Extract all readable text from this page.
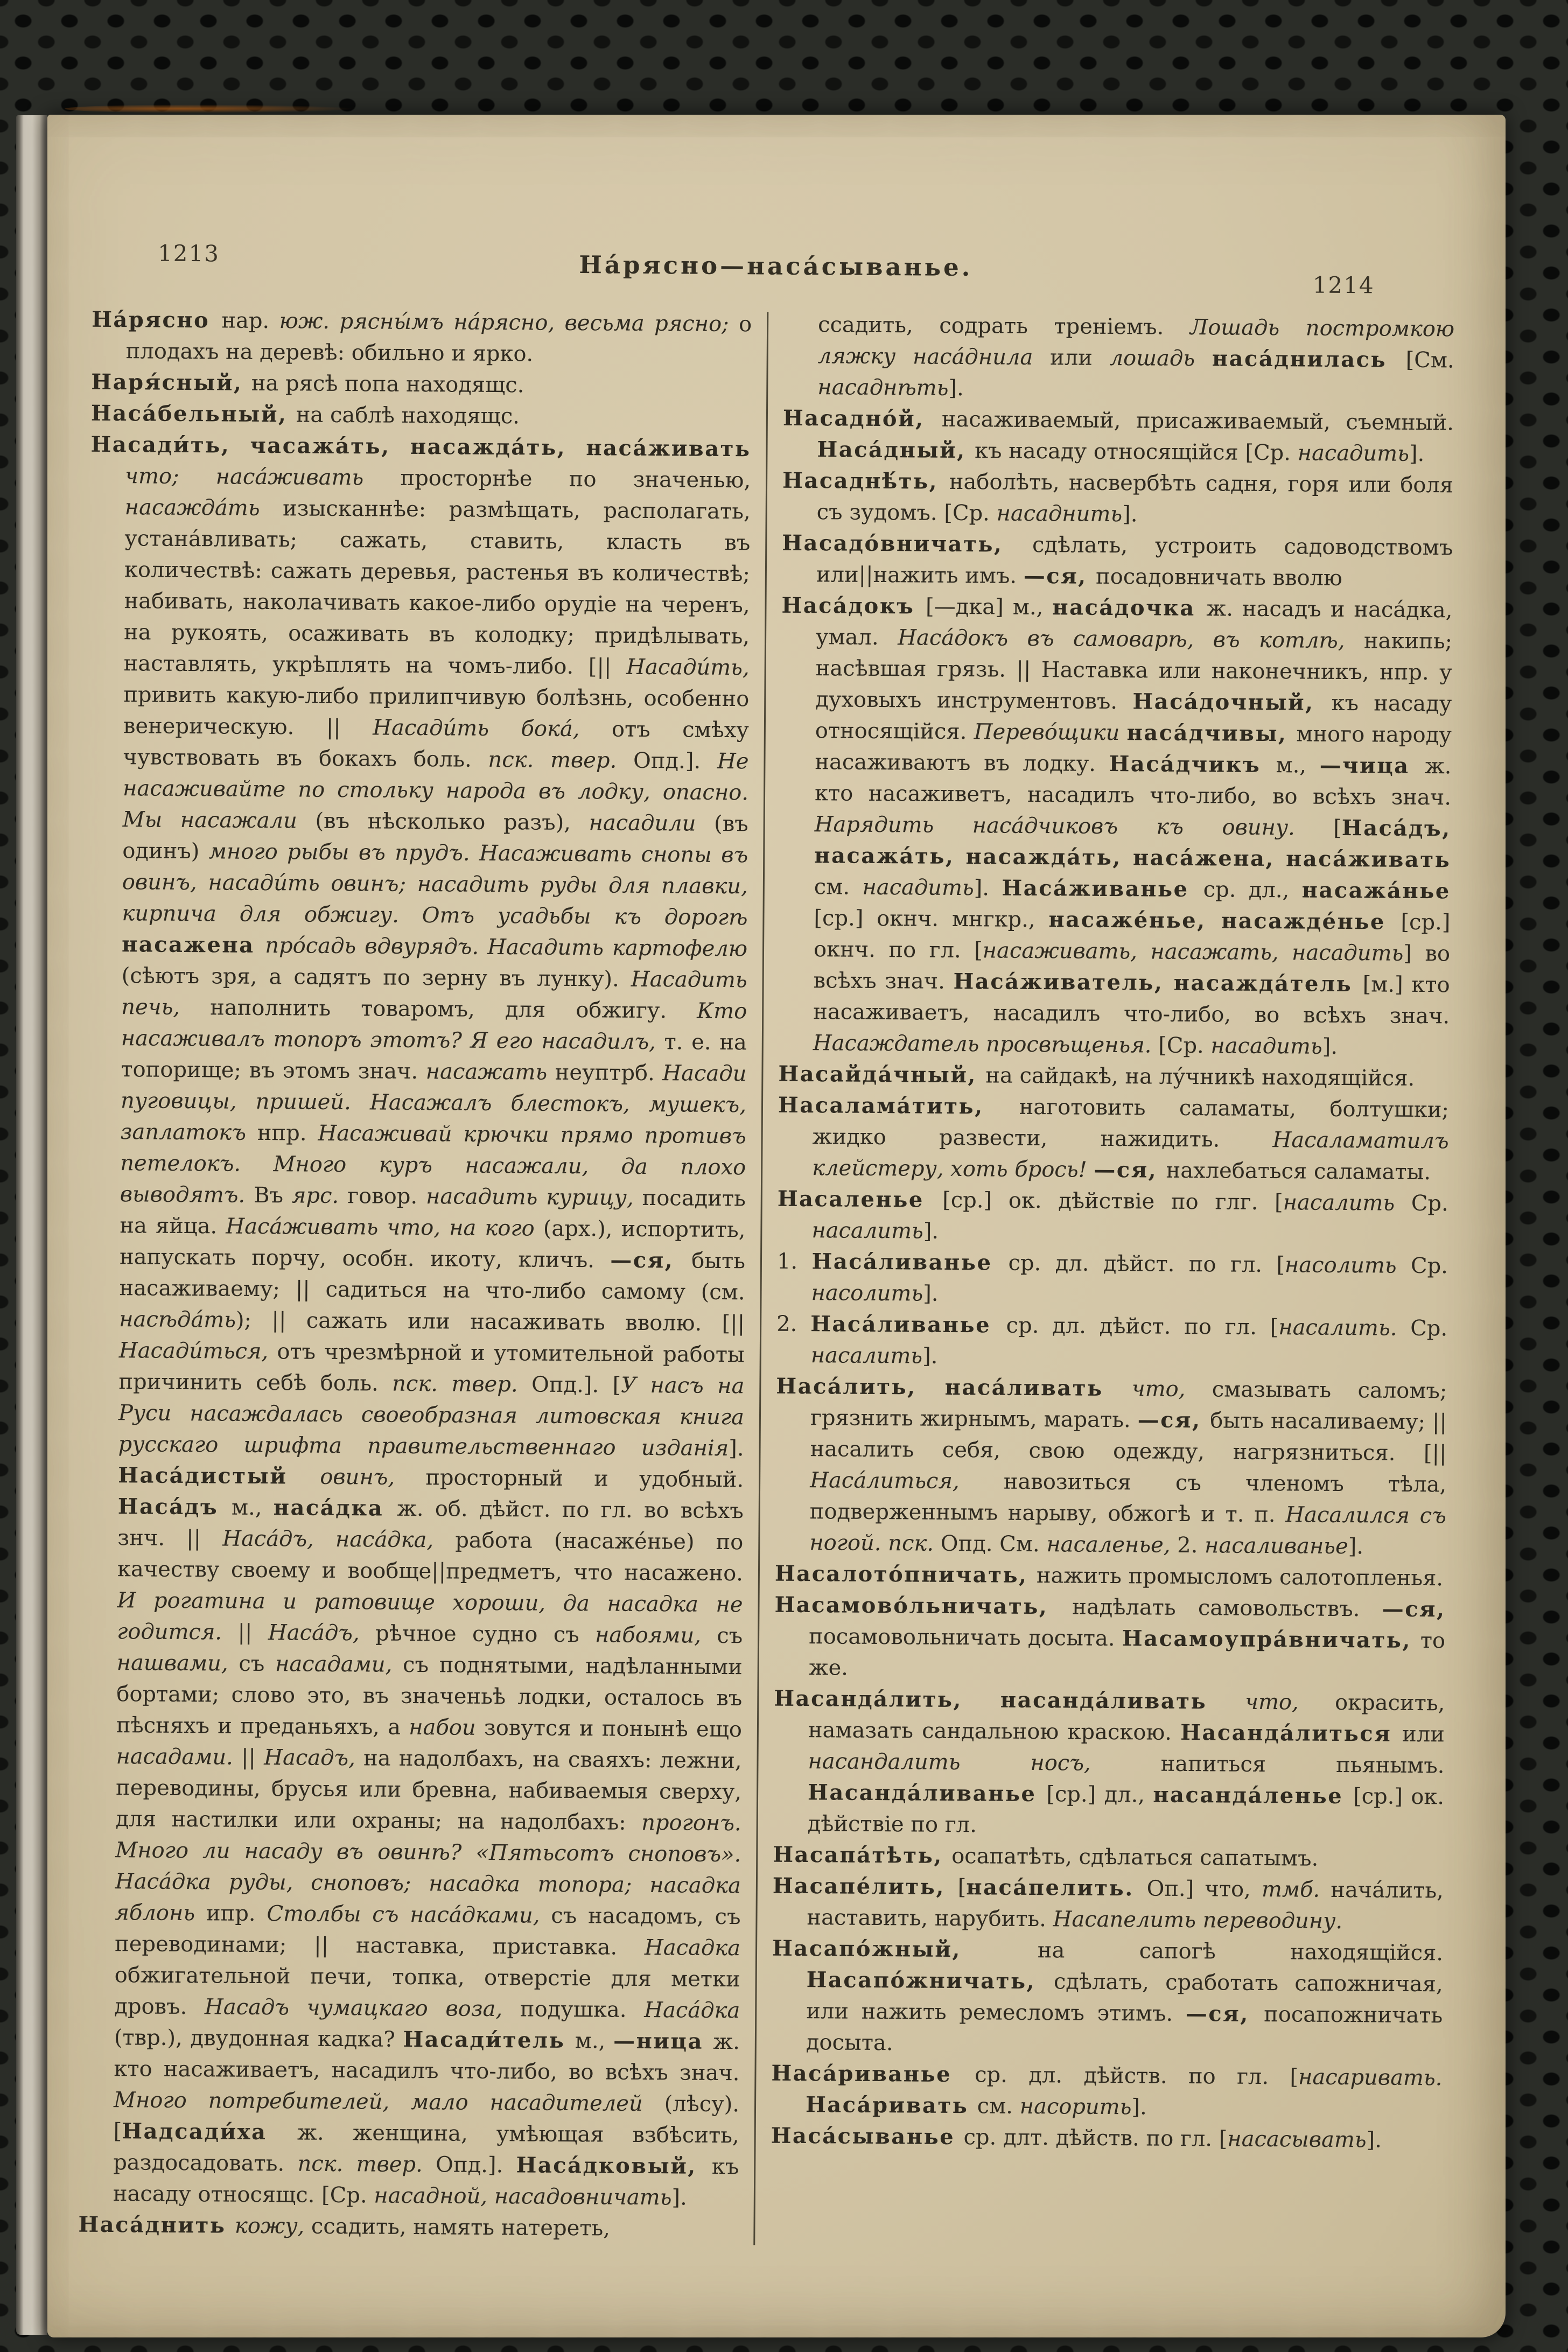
1213	На́рясно—наса́сыванье.
1214

На́рясно нар. юж. рясны́мъ на́рясно, весьма рясно; о плодахъ на деревѣ: обильно и ярко.

Наря́сный, на рясѣ попа находящс.

Наса́бельный, на саблѣ находящс.

Насади́ть, часажа́ть, насажда́ть, наса́живать что; наса́живать просторнѣе по значенью, насажда́ть изысканнѣе: размѣщать, располагать, устана́вливать; сажать, ставить, класть въ количествѣ: сажать деревья, растенья въ количествѣ; набивать, наколачивать какое-либо орудіе на черенъ, на рукоять, осаживать въ колодку; придѣлывать, наставлять, укрѣплять на чомъ-либо. [|| Насади́ть, привить какую-либо прилипчивую болѣзнь, особенно венерическую. || Насади́ть бока́, отъ смѣху чувствовать въ бокахъ боль. пск. твер. Опд.]. Не насаживайте по стольку народа въ лодку, опасно. Мы насажали (въ нѣсколько разъ), насадили (въ одинъ) много рыбы въ прудъ. Насаживать снопы въ овинъ, насади́ть овинъ; насадить руды для плавки, кирпича для обжигу. Отъ усадьбы къ дорогѣ насажена про́садь вдвурядъ. Насадить картофелю (сѣютъ зря, а садятъ по зерну въ лунку). Насадить печь, наполнить товаромъ, для обжигу. Кто насаживалъ топоръ этотъ? Я его насадилъ, т. е. на топорище; въ этомъ знач. насажать неуптрб. Насади пуговицы, пришей. Насажалъ блестокъ, мушекъ, заплатокъ нпр. Насаживай крючки прямо противъ петелокъ. Много куръ насажали, да плохо выводятъ. Въ ярс. говор. насадить курицу, посадить на яйца. Наса́живать что, на кого (арх.), испортить, напускать порчу, особн. икоту, кличъ. —ся, быть насаживаему; || садиться на что-либо самому (см. насѣда́ть); || сажать или насаживать вволю. [|| Насади́ться, отъ чрезмѣрной и утомительной работы причинить себѣ боль. пск. твер. Опд.]. [У насъ на Руси насаждалась своеобразная литовская книга русскаго шрифта правительственнаго изданія]. Наса́дистый овинъ, просторный и удобный. Наса́дъ м., наса́дка ж. об. дѣйст. по гл. во всѣхъ знч. || Наса́дъ, наса́дка, работа (насаже́нье) по качеству своему и вообще||предметъ, что насажено. И рогатина и ратовище хороши, да насадка не годится. || Наса́дъ, рѣчное судно съ набоями, съ нашвами, съ насадами, съ поднятыми, надѣланными бортами; слово это, въ значеньѣ лодки, осталось въ пѣсняхъ и преданьяхъ, а набои зовутся и понынѣ ещо насадами. || Насадъ, на надолбахъ, на сваяхъ: лежни, переводины, брусья или бревна, набиваемыя сверху, для настилки или охраны; на надолбахъ: прогонъ. Много ли насаду въ овинѣ? «Пятьсотъ сноповъ». Наса́дка руды, сноповъ; насадка топора; насадка яблонь ипр. Столбы съ наса́дками, съ насадомъ, съ переводинами; || наставка, приставка. Насадка обжигательной печи, топка, отверстіе для метки дровъ. Насадъ чумацкаго воза, подушка. Наса́дка (твр.), двудонная кадка? Насади́тель м., —ница ж. кто насаживаетъ, насадилъ что-либо, во всѣхъ знач. Много потребителей, мало насадителей (лѣсу). [Надсади́ха ж. женщина, умѣющая взбѣсить, раздосадовать. пск. твер. Опд.]. Наса́дковый, къ насаду относящс. [Ср. насадной, насадовничать].

Наса́днить кожу, ссадить, намять натереть,

ссадить, содрать треніемъ. Лошадь постромкою ляжку наса́днила или лошадь наса́днилась [См. насаднѣть].

Насадно́й, насаживаемый, присаживаемый, съемный. Наса́дный, къ насаду относящійся [Ср. насадить].

Насаднѣ́ть, наболѣть, насвербѣть садня, горя или боля съ зудомъ. [Ср. насаднить].

Насадо́вничать, сдѣлать, устроить садоводствомъ или||нажить имъ. —ся, посадовничать вволю

Наса́докъ [—дка] м., наса́дочка ж. насадъ и наса́дка, умал. Наса́докъ въ самоварѣ, въ котлѣ, накипь; насѣвшая грязь. || Наставка или наконечникъ, нпр. у духовыхъ инструментовъ. Наса́дочный, къ насаду относящійся. Перево́щики наса́дчивы, много народу насаживаютъ въ лодку. Наса́дчикъ м., —чица ж. кто насаживетъ, насадилъ что-либо, во всѣхъ знач. Нарядить наса́дчиковъ къ овину. [Наса́дъ, насажа́ть, насажда́ть, наса́жена, наса́живать см. насадить]. Наса́живанье ср. дл., насажа́нье [ср.] окнч. мнгкр., насаже́нье, насажде́нье [ср.] окнч. по гл. [насаживать, насажать, насадить] во всѣхъ знач. Наса́живатель, насажда́тель [м.] кто насаживаетъ, насадилъ что-либо, во всѣхъ знач. Насаждатель просвѣщенья. [Ср. насадить].

Насайда́чный, на сайдакѣ, на лу́чникѣ находящійся.

Насалама́тить, наготовить саламаты, болтушки; жидко развести, нажидить. Насаламатилъ клейстеру, хоть брось! —ся, нахлебаться саламаты.

Насаленье [ср.] ок. дѣйствіе по глг. [насалить Ср. насалить].

1. Наса́ливанье ср. дл. дѣйст. по гл. [насолить Ср. насолить].

2. Наса́ливанье ср. дл. дѣйст. по гл. [насалить. Ср. насалить].

Наса́лить, наса́ливать что, смазывать саломъ; грязнить жирнымъ, марать. —ся, быть насаливаему; || насалить себя, свою одежду, нагрязниться. [|| Наса́литься, навозиться съ членомъ тѣла, подверженнымъ нарыву, обжогѣ и т. п. Насалился съ ногой. пск. Опд. См. насаленье, 2. насаливанье].

Насалото́пничать, нажить промысломъ салотопленья.

Насамово́льничать, надѣлать самовольствъ. —ся, посамовольничать досыта. Насамоупра́вничать, то же.

Насанда́лить, насанда́ливать что, окрасить, намазать сандальною краскою. Насанда́литься или насандалить носъ, напиться пьянымъ. Насанда́ливанье [ср.] дл., насанда́ленье [ср.] ок. дѣйствіе по гл.

Насапа́тѣть, осапатѣть, сдѣлаться сапатымъ.

Насапе́лить, [наса́пелить. Оп.] что, тмб. нача́лить, наставить, нарубить. Насапелить переводину.

Насапо́жный, на сапогѣ находящійся. Насапо́жничать, сдѣлать, сработать сапожничая, или нажить ремесломъ этимъ. —ся, посапожничать досыта.

Наса́риванье ср. дл. дѣйств. по гл. [насаривать. Наса́ривать см. насорить].

Наса́сыванье ср. длт. дѣйств. по гл. [насасывать].
